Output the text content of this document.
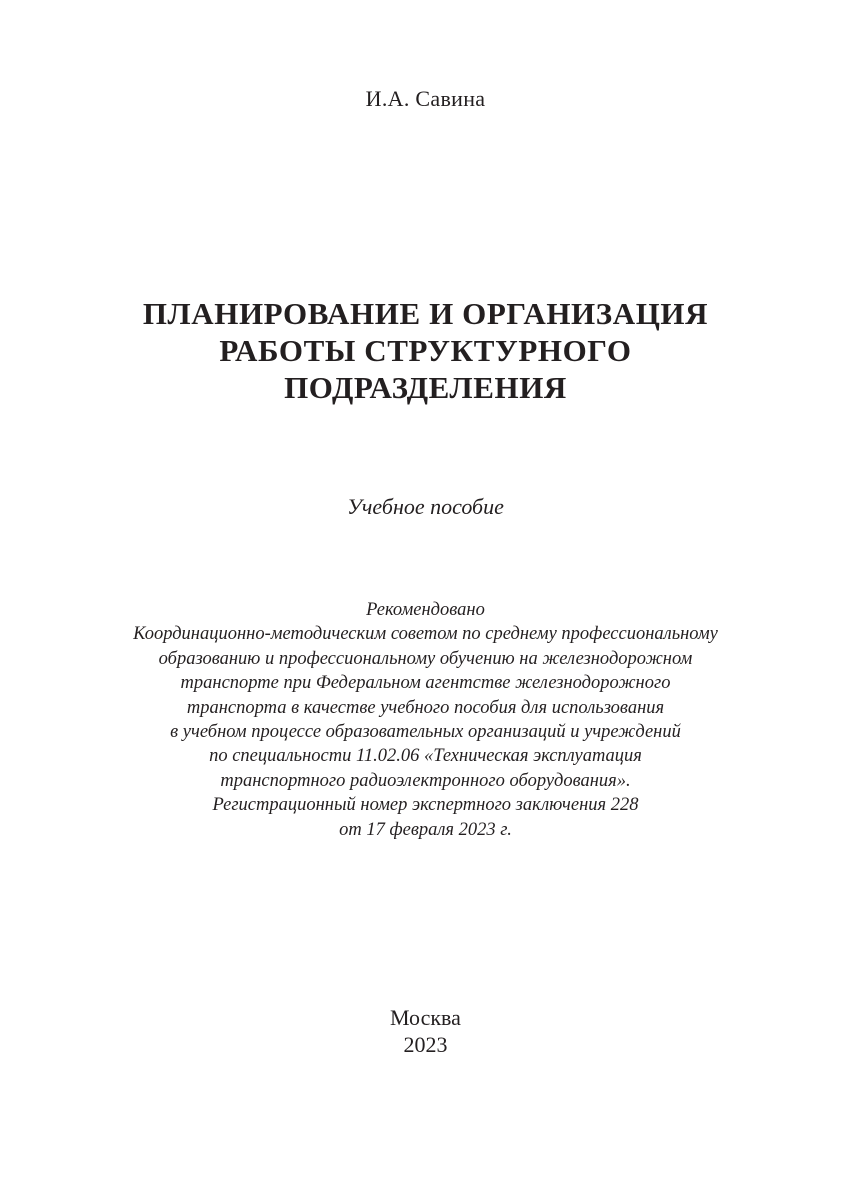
И.А. Савина
ПЛАНИРОВАНИЕ И ОРГАНИЗАЦИЯ
РАБОТЫ СТРУКТУРНОГО
ПОДРАЗДЕЛЕНИЯ
Учебное пособие
Рекомендовано
Координационно-методическим советом по среднему профессиональному
образованию и профессиональному обучению на железнодорожном
транспорте при Федеральном агентстве железнодорожного
транспорта в качестве учебного пособия для использования
в учебном процессе образовательных организаций и учреждений
по специальности 11.02.06 «Техническая эксплуатация
транспортного радиоэлектронного оборудования».
Регистрационный номер экспертного заключения 228
от 17 февраля 2023 г.
Москва
2023
